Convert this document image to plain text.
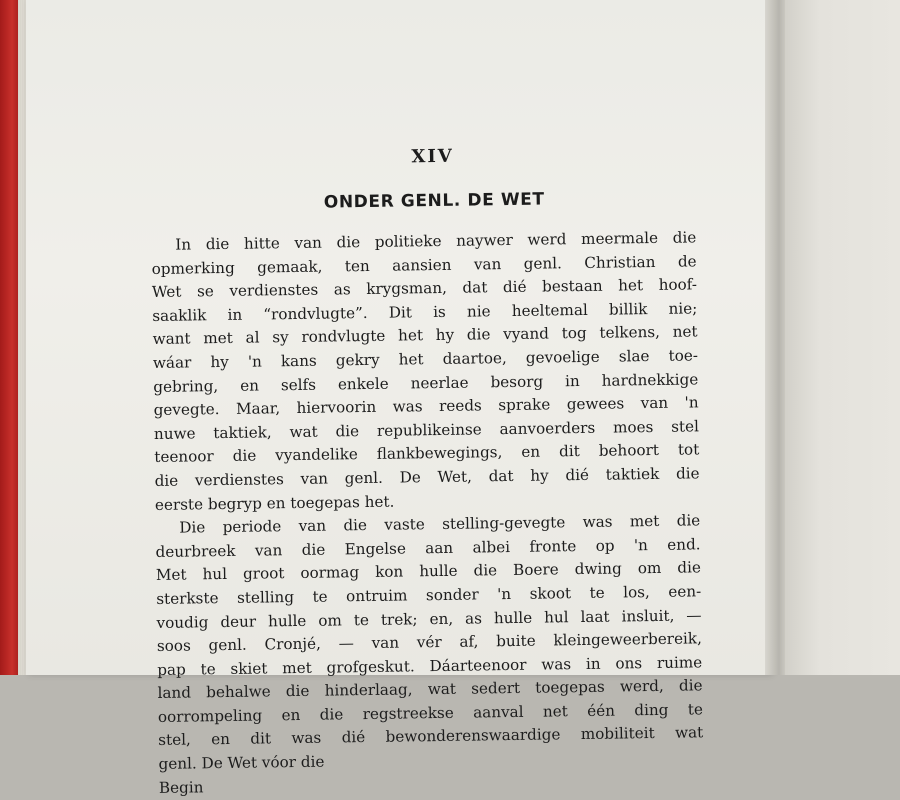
XIV
ONDER GENL. DE WET
In die hitte van die politieke naywer werd meermale die
opmerking gemaak, ten aansien van genl. Christian de
Wet se verdienstes as krygsman, dat dié bestaan het hoof-
saaklik in “rondvlugte”. Dit is nie heeltemal billik nie;
want met al sy rondvlugte het hy die vyand tog telkens, net
wáar hy 'n kans gekry het daartoe, gevoelige slae toe-
gebring, en selfs enkele neerlae besorg in hardnekkige
gevegte. Maar, hiervoorin was reeds sprake gewees van 'n
nuwe taktiek, wat die republikeinse aanvoerders moes stel
teenoor die vyandelike flankbewegings, en dit behoort tot
die verdienstes van genl. De Wet, dat hy dié taktiek die
eerste begryp en toegepas het.
Die periode van die vaste stelling-gevegte was met die
deurbreek van die Engelse aan albei fronte op 'n end.
Met hul groot oormag kon hulle die Boere dwing om die
sterkste stelling te ontruim sonder 'n skoot te los, een-
voudig deur hulle om te trek; en, as hulle hul laat insluit, —
soos genl. Cronjé, — van vér af, buite kleingeweerbereik,
pap te skiet met grofgeskut. Dáarteenoor was in ons ruime
land behalwe die hinderlaag, wat sedert toegepas werd, die
oorrompeling en die regstreekse aanval net één ding te
stel, en dit was dié bewonderenswaardige mobiliteit wat
genl. De Wet vóor die
Begin
